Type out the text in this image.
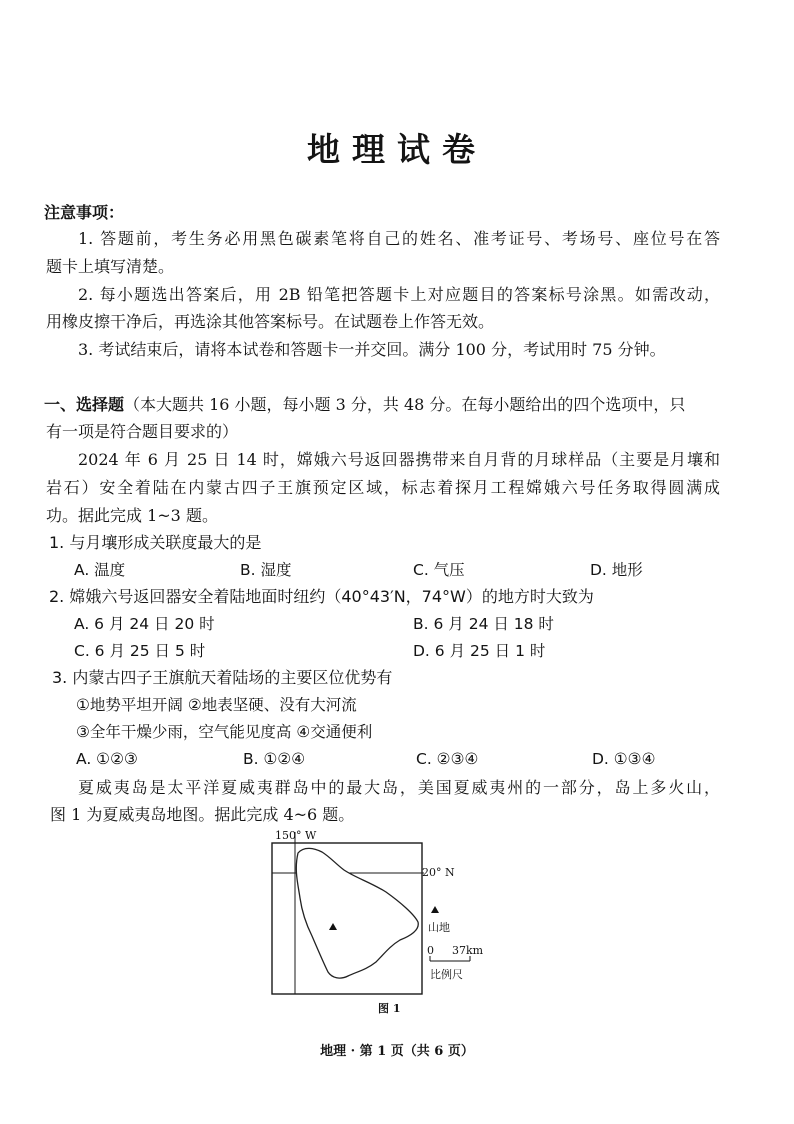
地理试卷
注意事项：
1. 答题前，考生务必用黑色碳素笔将自己的姓名、准考证号、考场号、座位号在答
题卡上填写清楚。
2. 每小题选出答案后，用 2B 铅笔把答题卡上对应题目的答案标号涂黑。如需改动，
用橡皮擦干净后，再选涂其他答案标号。在试题卷上作答无效。
3. 考试结束后，请将本试卷和答题卡一并交回。满分 100 分，考试用时 75 分钟。
一、选择题（本大题共 16 小题，每小题 3 分，共 48 分。在每小题给出的四个选项中，只
有一项是符合题目要求的）
2024 年 6 月 25 日 14 时，嫦娥六号返回器携带来自月背的月球样品（主要是月壤和
岩石）安全着陆在内蒙古四子王旗预定区域，标志着探月工程嫦娥六号任务取得圆满成
功。据此完成 1~3 题。
1. 与月壤形成关联度最大的是
A. 温度	B. 湿度	C. 气压	D. 地形
2. 嫦娥六号返回器安全着陆地面时纽约（40°43′N，74°W）的地方时大致为
A. 6 月 24 日 20 时	B. 6 月 24 日 18 时
C. 6 月 25 日 5 时	D. 6 月 25 日 1 时
3. 内蒙古四子王旗航天着陆场的主要区位优势有
①地势平坦开阔 ②地表坚硬、没有大河流
③全年干燥少雨，空气能见度高 ④交通便利
A. ①②③	B. ①②④	C. ②③④	D. ①③④
夏威夷岛是太平洋夏威夷群岛中的最大岛，美国夏威夷州的一部分，岛上多火山，
图 1 为夏威夷岛地图。据此完成 4~6 题。
150° W
20° N
山地
0 37km
比例尺
图 1
地理 · 第 1 页（共 6 页）
